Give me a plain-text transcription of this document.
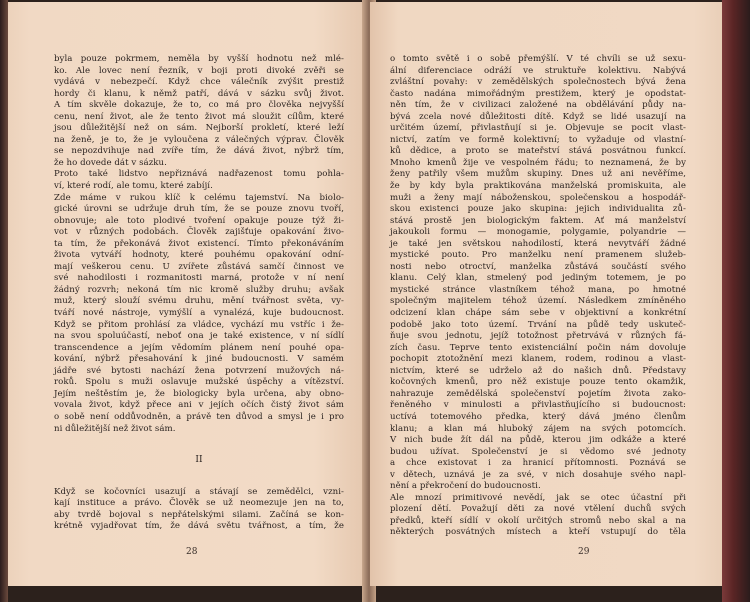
byla pouze pokrmem, neměla by vyšší hodnotu než mlé-
ko. Ale lovec není řezník, v boji proti divoké zvěři se
vydává v nebezpečí. Když chce válečník zvýšit prestiž
hordy či klanu, k němž patří, dává v sázku svůj život.
A tím skvěle dokazuje, že to, co má pro člověka nejvyšší
cenu, není život, ale že tento život má sloužit cílům, které
jsou důležitější než on sám. Nejborší prokletí, které leží
na ženě, je to, že je vyloučena z válečných výprav. Člověk
se nepozdvihuje nad zvíře tím, že dává život, nýbrž tím,
že ho dovede dát v sázku.
Proto také lidstvo nepřiznává nadřazenost tomu pohla-
ví, které rodí, ale tomu, které zabíjí.
Zde máme v rukou klíč k celému tajemství. Na biolo-
gické úrovni se udržuje druh tím, že se pouze znovu tvoří,
obnovuje; ale toto plodivé tvoření opakuje pouze týž ži-
vot v různých podobách. Člověk zajišťuje opakování živo-
ta tím, že překonává život existencí. Tímto překonáváním
života vytváří hodnoty, které pouhému opakování odní-
mají veškerou cenu. U zvířete zůstává samčí činnost ve
své nahodilosti i rozmanitosti marná, protože v ní není
žádný rozvrh; nekoná tím nic kromě služby druhu; avšak
muž, který slouží svému druhu, mění tvářnost světa, vy-
tváří nové nástroje, vymýšlí a vynalézá, kuje budoucnost.
Když se přitom prohlásí za vládce, vychází mu vstříc i že-
na svou spoluúčastí, neboť ona je také existence, v ní sídlí
transcendence a jejím vědomím plánem není pouhé opa-
kování, nýbrž přesahování k jiné budoucnosti. V samém
jádře své bytosti nachází žena potvrzení mužových ná-
roků. Spolu s muži oslavuje mužské úspěchy a vítězství.
Jejím neštěstím je, že biologicky byla určena, aby obno-
vovala život, když přece ani v jejích očích čistý život sám
o sobě není oddůvodněn, a právě ten důvod a smysl je i pro
ni důležitější než život sám.
II
Když se kočovníci usazují a stávají se zemědělci, vzni-
kají instituce a právo. Člověk se už neomezuje jen na to,
aby tvrdě bojoval s nepřátelskými silami. Začíná se kon-
krétně vyjadřovat tím, že dává světu tvářnost, a tím, že
28
o tomto světě i o sobě přemýšlí. V té chvíli se už sexu-
ální diferenciace odráží ve struktuře kolektivu. Nabývá
zvláštní povahy: v zemědělských společnostech bývá žena
často nadána mimořádným prestižem, který je opodstat-
něn tím, že v civilizaci založené na obdělávání půdy na-
bývá zcela nové důležitosti dítě. Když se lidé usazují na
určitém území, přivlastňují si je. Objevuje se pocit vlast-
nictví, zatím ve formě kolektivní; to vyžaduje od vlastní-
ků dědice, a proto se mateřství stává posvátnou funkcí.
Mnoho kmenů žije ve vespolném řádu; to neznamená, že by
ženy patřily všem mužům skupiny. Dnes už ani nevěříme,
že by kdy byla praktikována manželská promiskuita, ale
muži a ženy mají náboženskou, společenskou a hospodář-
skou existenci pouze jako skupina: jejich individualita zů-
stává prostě jen biologickým faktem. Ať má manželství
jakoukoli formu — monogamie, polygamie, polyandrie —
je také jen světskou nahodilostí, která nevytváří žádné
mystické pouto. Pro manželku není pramenem služeb-
nosti nebo otroctví, manželka zůstává součástí svého
klanu. Celý klan, stmelený pod jediným totemem, je po
mystické stránce vlastníkem téhož mana, po hmotné
společným majitelem téhož území. Následkem zmíněného
odcizení klan chápe sám sebe v objektivní a konkrétní
podobě jako toto území. Trvání na půdě tedy uskuteč-
ňuje svou jednotu, jejíž totožnost přetrvává v různých fá-
zích času. Teprve tento existenciální počin nám dovoluje
pochopit ztotožnění mezi klanem, rodem, rodinou a vlast-
nictvím, které se udrželo až do našich dnů. Představy
kočovných kmenů, pro něž existuje pouze tento okamžik,
nahrazuje zemědělská společenství pojetím života zako-
řeněného v minulosti a přivlastňujícího si budoucnost:
uctívá totemového předka, který dává jméno členům
klanu; a klan má hluboký zájem na svých potomcích.
V nich bude žít dál na půdě, kterou jim odkáže a které
budou užívat. Společenství je si vědomo své jednoty
a chce existovat i za hranicí přítomnosti. Poznává se
v dětech, uznává je za své, v nich dosahuje svého napl-
nění a překročení do budoucnosti.
Ale mnozí primitivové nevědí, jak se otec účastní při
plození dětí. Považují děti za nové vtělení duchů svých
předků, kteří sídlí v okolí určitých stromů nebo skal a na
některých posvátných místech a kteří vstupují do těla
29
